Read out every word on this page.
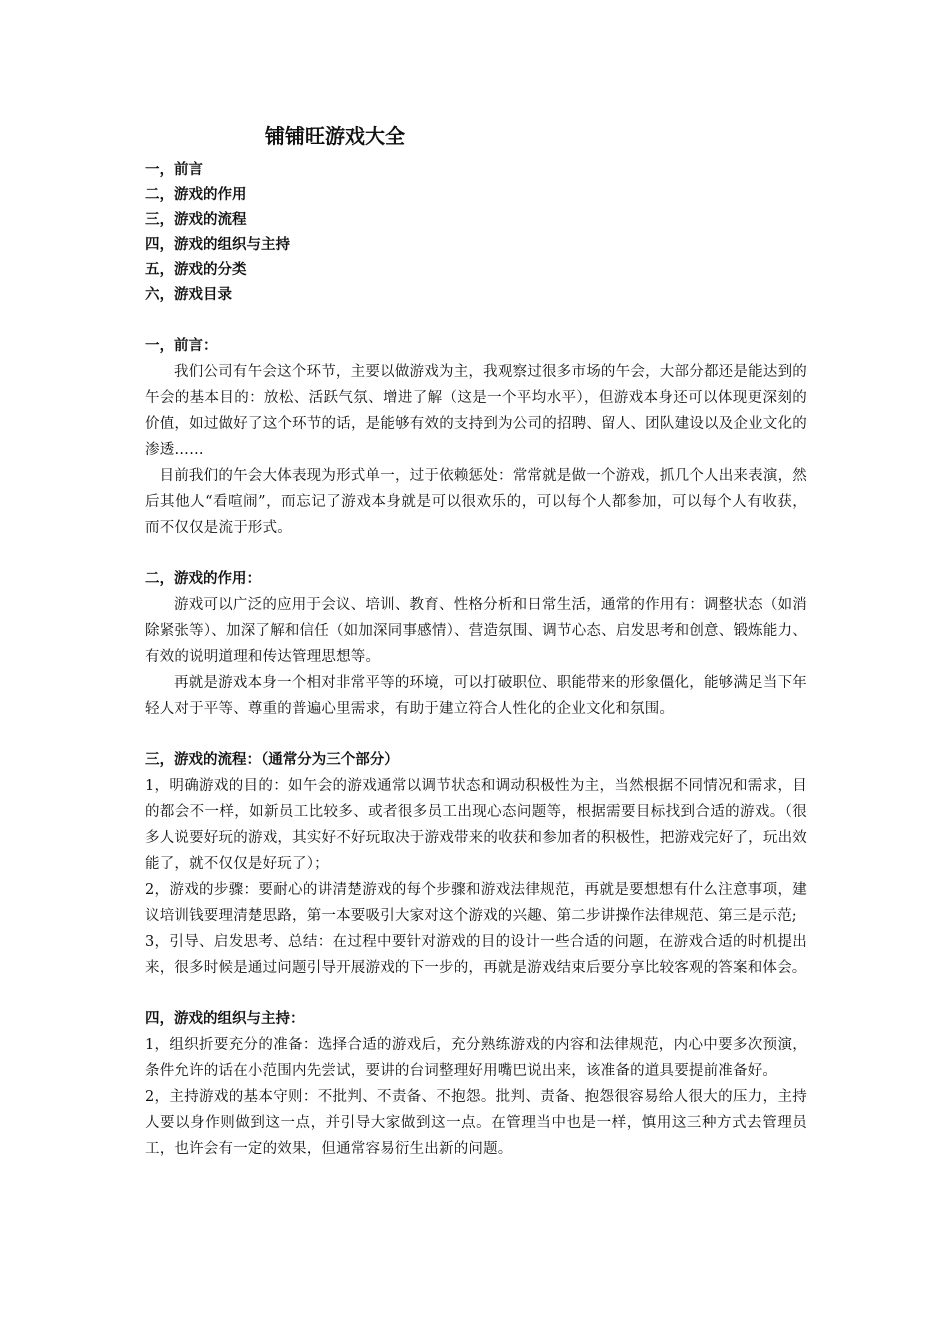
铺铺旺游戏大全

一，前言

二，游戏的作用

三，游戏的流程

四，游戏的组织与主持

五，游戏的分类

六，游戏目录

一，前言：

我们公司有午会这个环节，主要以做游戏为主，我观察过很多市场的午会，大部分都还是能达到的午会的基本目的：放松、活跃气氛、增进了解（这是一个平均水平），但游戏本身还可以体现更深刻的价值，如过做好了这个环节的话，是能够有效的支持到为公司的招聘、留人、团队建设以及企业文化的渗透……

目前我们的午会大体表现为形式单一，过于依赖惩处：常常就是做一个游戏，抓几个人出来表演，然后其他人“看喧闹”，而忘记了游戏本身就是可以很欢乐的，可以每个人都参加，可以每个人有收获，而不仅仅是流于形式。

二，游戏的作用：

游戏可以广泛的应用于会议、培训、教育、性格分析和日常生活，通常的作用有：调整状态（如消除紧张等）、加深了解和信任（如加深同事感情）、营造氛围、调节心态、启发思考和创意、锻炼能力、有效的说明道理和传达管理思想等。

再就是游戏本身一个相对非常平等的环境，可以打破职位、职能带来的形象僵化，能够满足当下年轻人对于平等、尊重的普遍心里需求，有助于建立符合人性化的企业文化和氛围。

三，游戏的流程：（通常分为三个部分）

1，明确游戏的目的：如午会的游戏通常以调节状态和调动积极性为主，当然根据不同情况和需求，目的都会不一样，如新员工比较多、或者很多员工出现心态问题等，根据需要目标找到合适的游戏。（很多人说要好玩的游戏，其实好不好玩取决于游戏带来的收获和参加者的积极性，把游戏完好了，玩出效能了，就不仅仅是好玩了）；

2，游戏的步骤：要耐心的讲清楚游戏的每个步骤和游戏法律规范，再就是要想想有什么注意事项，建议培训钱要理清楚思路，第一本要吸引大家对这个游戏的兴趣、第二步讲操作法律规范、第三是示范;

3，引导、启发思考、总结：在过程中要针对游戏的目的设计一些合适的问题，在游戏合适的时机提出来，很多时候是通过问题引导开展游戏的下一步的，再就是游戏结束后要分享比较客观的答案和体会。

四，游戏的组织与主持：

1，组织折要充分的准备：选择合适的游戏后，充分熟练游戏的内容和法律规范，内心中要多次预演，条件允许的话在小范围内先尝试，要讲的台词整理好用嘴巴说出来，该准备的道具要提前准备好。

2，主持游戏的基本守则：不批判、不责备、不抱怨。批判、责备、抱怨很容易给人很大的压力，主持人要以身作则做到这一点，并引导大家做到这一点。在管理当中也是一样，慎用这三种方式去管理员工，也许会有一定的效果，但通常容易衍生出新的问题。
